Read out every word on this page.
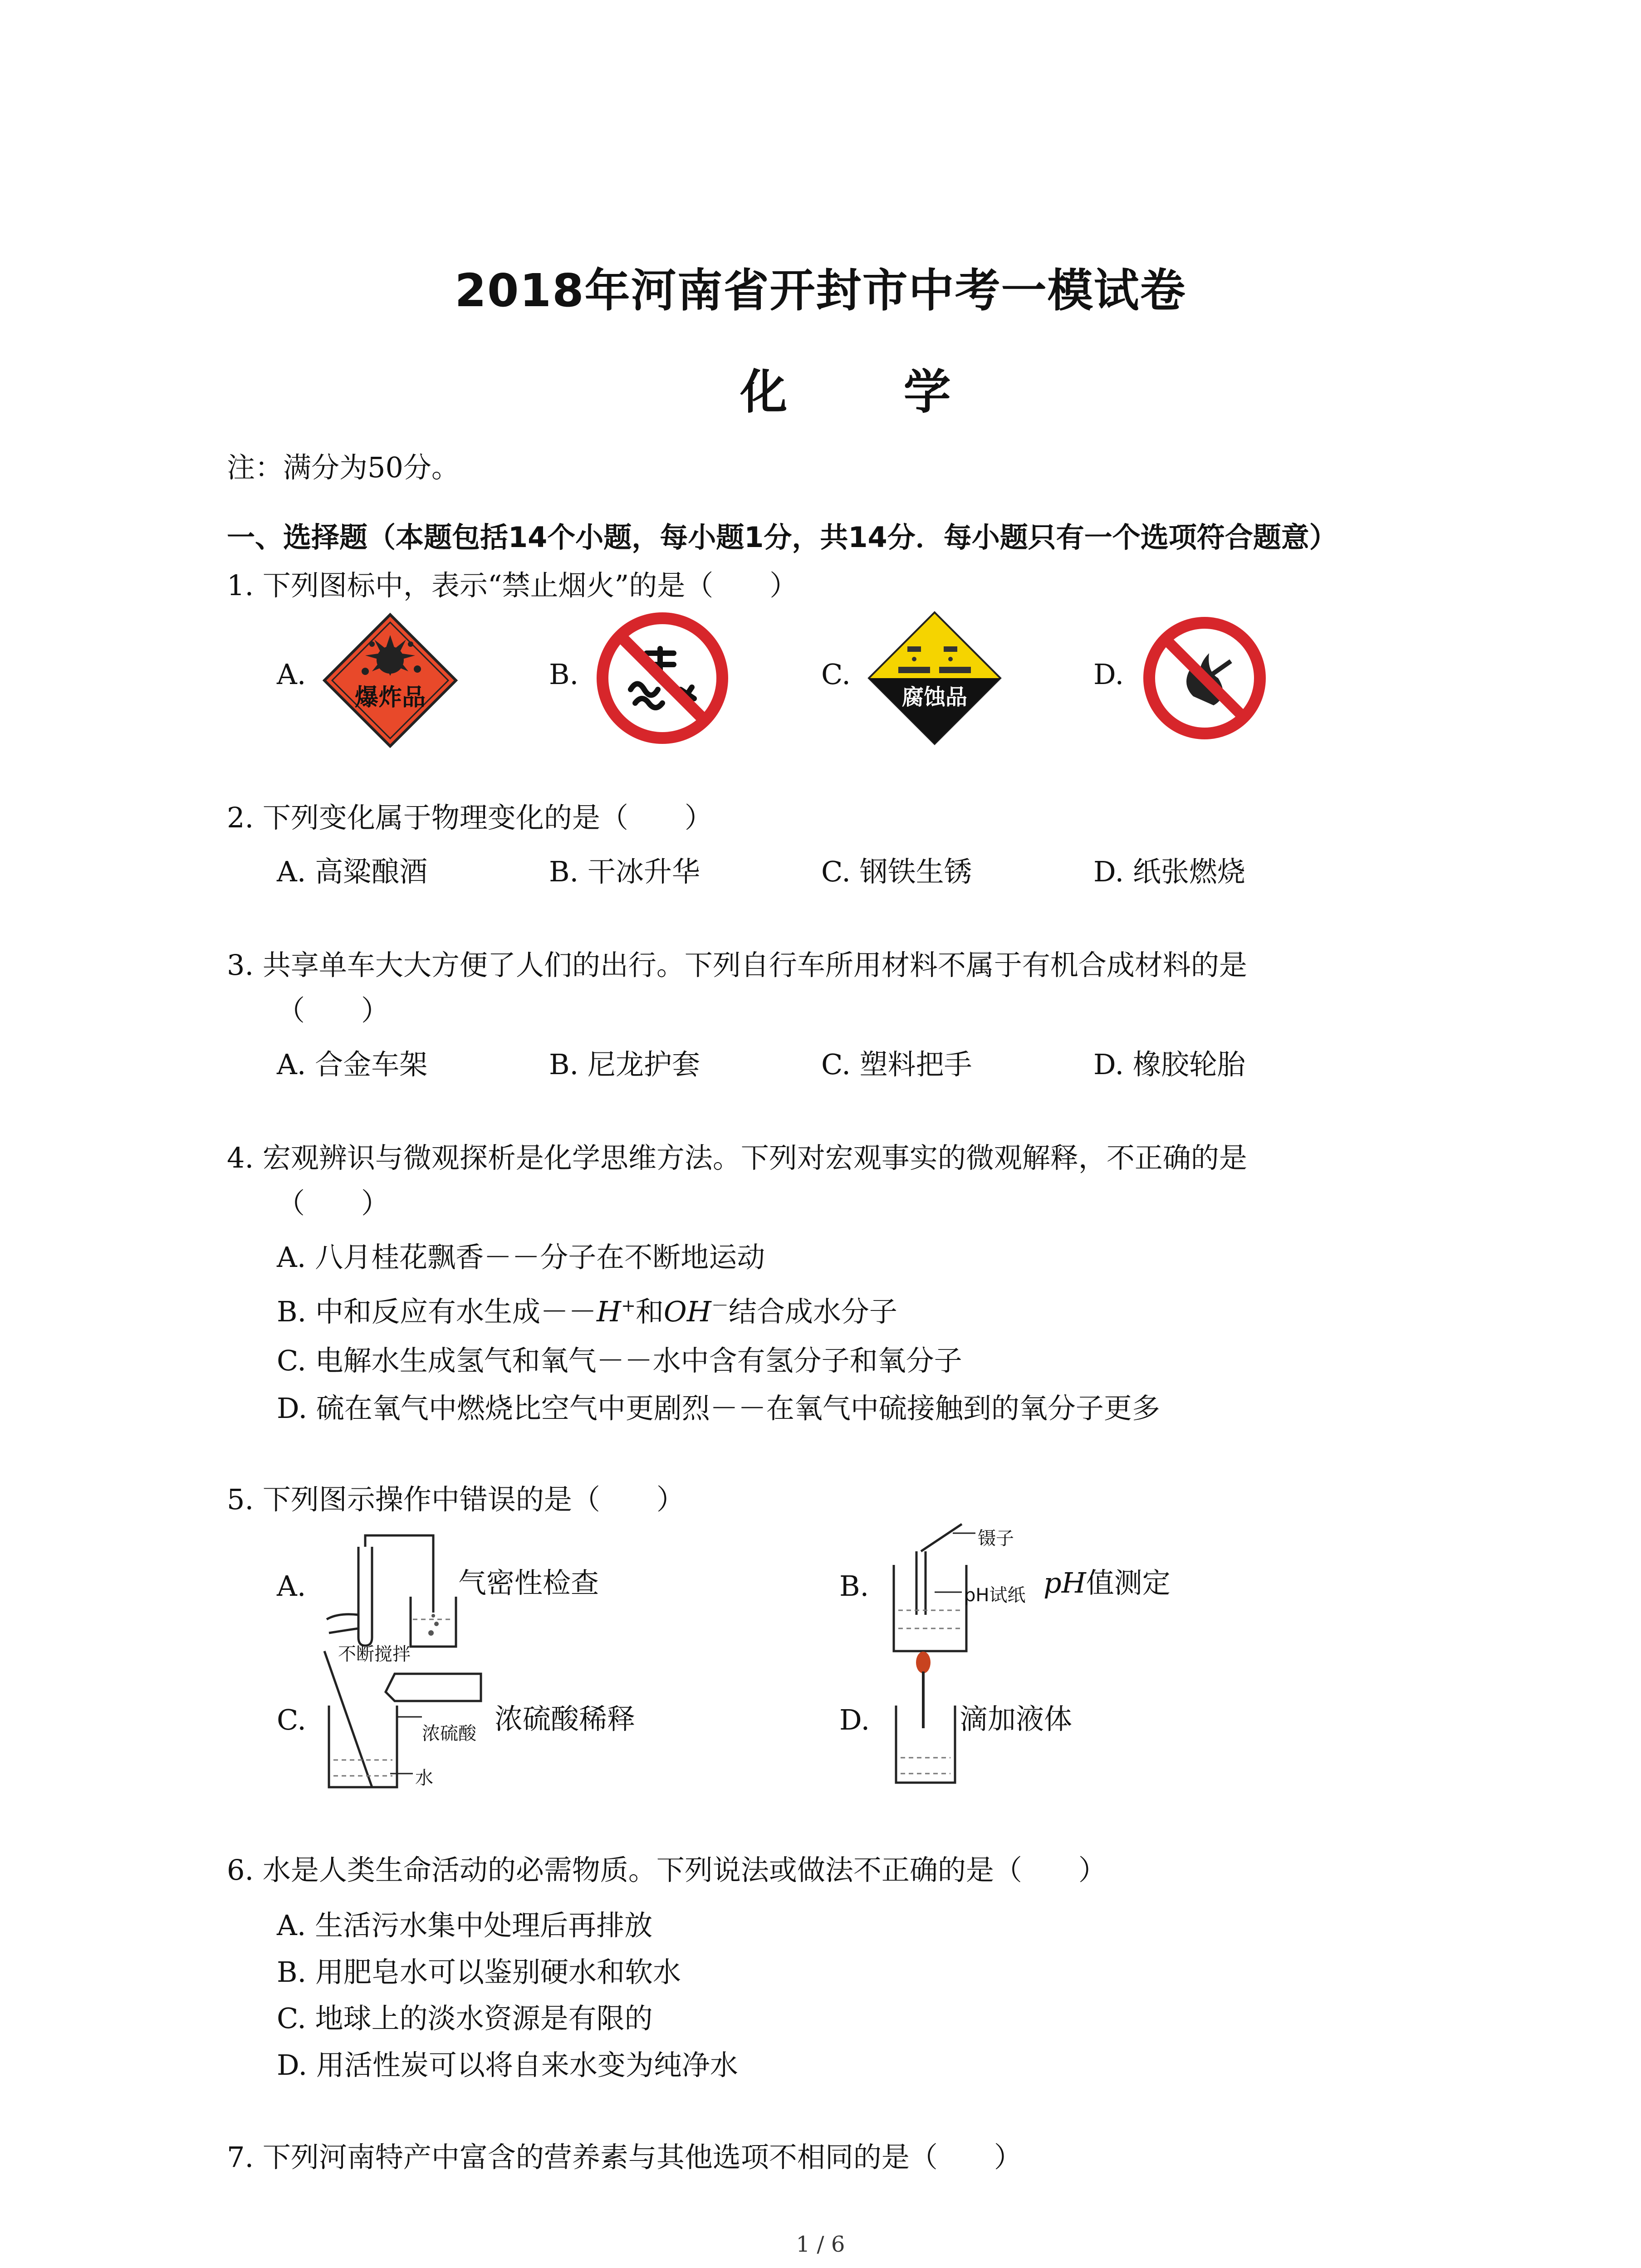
2018年河南省开封市中考一模试卷
化 学
注：满分为50分。
一、选择题（本题包括14个小题，每小题1分，共14分．每小题只有一个选项符合题意）
1. 下列图标中，表示“禁止烟火”的是（　　）
A.
爆炸品
B.	C.
腐蚀品
D.
2. 下列变化属于物理变化的是（　　）
A. 高粱酿酒	B. 干冰升华	C. 钢铁生锈	D. 纸张燃烧
3. 共享单车大大方便了人们的出行。下列自行车所用材料不属于有机合成材料的是
（　　）
A. 合金车架	B. 尼龙护套	C. 塑料把手	D. 橡胶轮胎
4. 宏观辨识与微观探析是化学思维方法。下列对宏观事实的微观解释，不正确的是
（　　）
A. 八月桂花飘香－－分子在不断地运动
B. 中和反应有水生成－－H+和OH－结合成水分子
C. 电解水生成氢气和氧气－－水中含有氢分子和氧分子
D. 硫在氧气中燃烧比空气中更剧烈－－在氧气中硫接触到的氧分子更多
5. 下列图示操作中错误的是（　　）
A.	气密性检查	B.
镊子
pH试纸 pH值测定
C.
不断搅拌
浓硫酸
水
浓硫酸稀释	D.	滴加液体
6. 水是人类生命活动的必需物质。下列说法或做法不正确的是（　　）
A. 生活污水集中处理后再排放
B. 用肥皂水可以鉴别硬水和软水
C. 地球上的淡水资源是有限的
D. 用活性炭可以将自来水变为纯净水
7. 下列河南特产中富含的营养素与其他选项不相同的是（　　）
1 / 6
